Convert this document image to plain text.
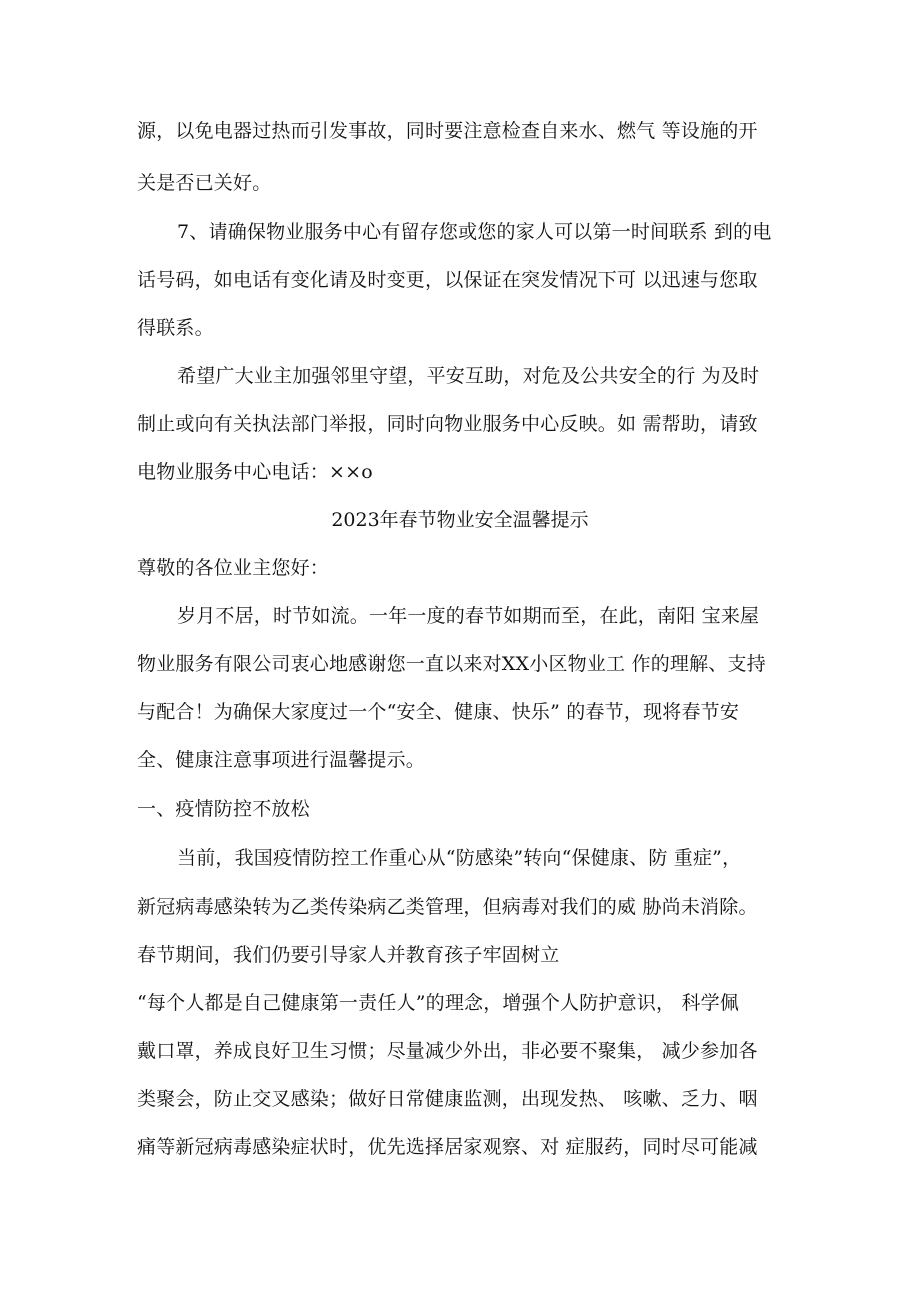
源，以免电器过热而引发事故，同时要注意检查自来水、燃气 等设施的开
关是否已关好。
7、请确保物业服务中心有留存您或您的家人可以第一时间联系 到的电
话号码，如电话有变化请及时变更，以保证在突发情况下可 以迅速与您取
得联系。
希望广大业主加强邻里守望，平安互助，对危及公共安全的行 为及时
制止或向有关执法部门举报，同时向物业服务中心反映。如 需帮助，请致
电物业服务中心电话：××o
2023年春节物业安全温馨提示
尊敬的各位业主您好：
岁月不居，时节如流。一年一度的春节如期而至，在此，南阳 宝来屋
物业服务有限公司衷心地感谢您一直以来对XX小区物业工 作的理解、支持
与配合！为确保大家度过一个“安全、健康、快乐” 的春节，现将春节安
全、健康注意事项进行温馨提示。
一、疫情防控不放松
当前，我国疫情防控工作重心从“防感染”转向“保健康、防 重症”，
新冠病毒感染转为乙类传染病乙类管理，但病毒对我们的威 胁尚未消除。
春节期间，我们仍要引导家人并教育孩子牢固树立
“每个人都是自己健康第一责任人”的理念，增强个人防护意识， 科学佩
戴口罩，养成良好卫生习惯；尽量减少外出，非必要不聚集， 减少参加各
类聚会，防止交叉感染；做好日常健康监测，出现发热、 咳嗽、乏力、咽
痛等新冠病毒感染症状时，优先选择居家观察、对 症服药，同时尽可能减
